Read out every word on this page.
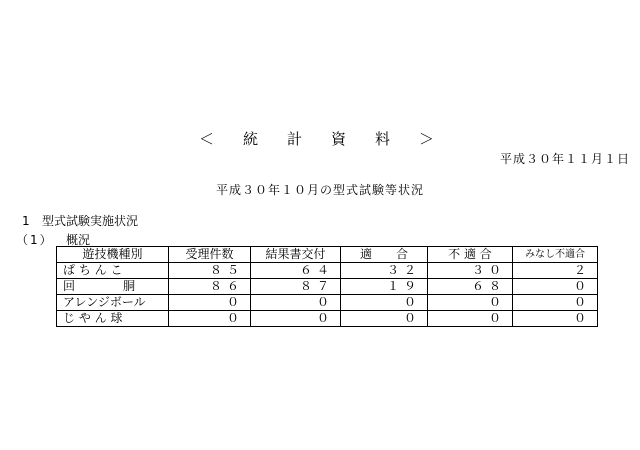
＜　統　計　資　料　＞
平成３０年１１月１日
平成３０年１０月の型式試験等状況
1 型式試験実施状況
（1） 概況
遊技機種別	受理件数	結果書交付	適　　合	不 適 合	みなし不適合
ぱ ち ん こ	８５	６４	３２	３０	２
回　　　　胴	８６	８７	１９	６８	０
アレンジボール	０	０	０	０	０
じ や ん 球	０	０	０	０	０
